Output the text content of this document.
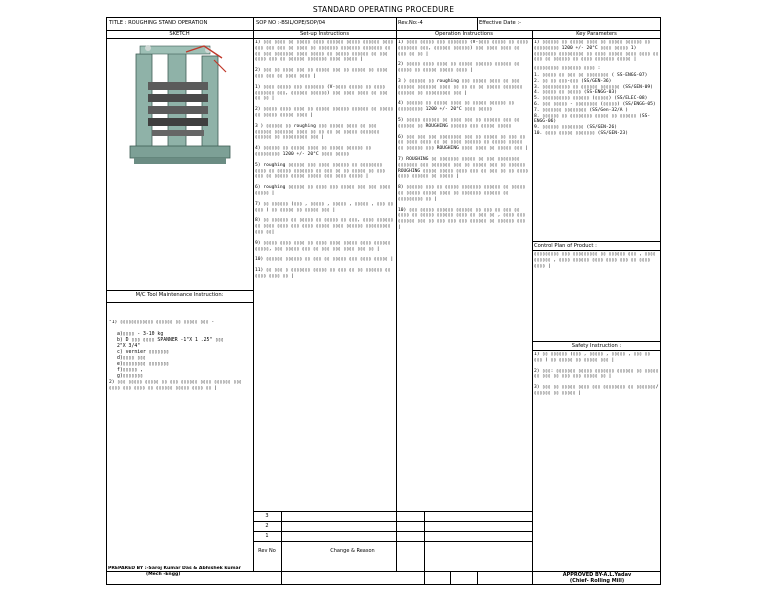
STANDARD OPERATING PROCEDURE
TITLE : ROUGHING STAND OPERATION	SOP NO :-BSIL/OPE/SOP/04	Rev.No:-4	Effective Date :-
SKETCH	Set-up Instructions	Operation Instructions	Key Parameters
M/C Tool Maintenance Instruction:
"1) ▯▯▯▯▯▯▯▯▯▯▯▯ ▯▯▯▯▯▯ ▯▯ ▯▯▯▯▯ ▯▯▯ -
a)▯▯▯▯ - 3-10 kg
b) D ▯▯▯ ▯▯▯▯ SPANNER -1"X 1 .25" ▯▯▯
2"X 3/4"
c) vernier ▯▯▯▯▯▯▯
d)▯▯▯▯ ▯▯▯
e)▯▯▯▯▯▯▯▯ ▯▯▯▯▯▯▯
f)▯▯▯▯▯ ,
g)▯▯▯▯▯▯▯
2) ▯▯▯ ▯▯▯▯▯ ▯▯▯▯▯ ▯▯ ▯▯▯ ▯▯▯▯▯▯ ▯▯▯▯ ▯▯▯▯▯▯ ▯▯▯ ▯▯▯▯ ▯▯▯ ▯▯▯▯ ▯▯ ▯▯▯▯▯▯ ▯▯▯▯▯ ▯▯▯▯ ▯▯ |

1) ▯▯▯ ▯▯▯▯ ▯▯ ▯▯▯▯▯ ▯▯▯▯ ▯▯▯▯▯▯ ▯▯▯▯▯ ▯▯▯▯▯▯ ▯▯▯▯ ▯▯▯ ▯▯▯ ▯▯▯ ▯▯ ▯▯▯▯ ▯▯ ▯▯▯▯▯▯▯ ▯▯▯▯▯▯▯ ▯▯▯▯▯▯▯ ▯▯ ▯▯ ▯▯▯ ▯▯▯▯▯▯▯ ▯▯▯▯ ▯▯▯▯▯ ▯▯ ▯▯▯▯▯ ▯▯▯▯▯▯ ▯▯ ▯▯▯ ▯▯▯▯ ▯▯▯ ▯▯ ▯▯▯▯▯▯ ▯▯▯▯▯▯▯ ▯▯▯▯ ▯▯▯▯▯ |

2) ▯▯▯ ▯▯ ▯▯▯▯ ▯▯▯ ▯▯ ▯▯▯▯▯ ▯▯▯ ▯▯ ▯▯▯▯▯ ▯▯ ▯▯▯▯ ▯▯▯ ▯▯▯ ▯▯ ▯▯▯▯ ▯▯▯▯ |

1) ▯▯▯▯ ▯▯▯▯▯ ▯▯▯ ▯▯▯▯▯▯▯ (V-▯▯▯▯ ▯▯▯▯▯ ▯▯ ▯▯▯▯ ▯▯▯▯▯▯▯ ▯▯▯, ▯▯▯▯▯▯ ▯▯▯▯▯▯) ▯▯▯ ▯▯▯▯ ▯▯▯▯ ▯▯ ▯▯▯ ▯▯ ▯▯ |

2) ▯▯▯▯▯ ▯▯▯▯ ▯▯▯▯ ▯▯ ▯▯▯▯▯ ▯▯▯▯▯▯ ▯▯▯▯▯▯ ▯▯ ▯▯▯▯▯ ▯▯ ▯▯▯▯▯ ▯▯▯▯▯ ▯▯▯▯ |

3 ) ▯▯▯▯▯▯ ▯▯ roughing ▯▯▯ ▯▯▯▯▯ ▯▯▯▯ ▯▯ ▯▯▯ ▯▯▯▯▯▯ ▯▯▯▯▯▯▯ ▯▯▯▯ ▯▯ ▯▯ ▯▯ ▯▯ ▯▯▯▯▯ ▯▯▯▯▯▯▯ ▯▯▯▯▯▯ ▯▯ ▯▯▯▯▯▯▯▯▯ ▯▯▯ |

4) ▯▯▯▯▯▯ ▯▯ ▯▯▯▯▯ ▯▯▯▯ ▯▯ ▯▯▯▯▯ ▯▯▯▯▯▯ ▯▯ ▯▯▯▯▯▯▯▯▯ 1200 +/- 20°C ▯▯▯▯ ▯▯▯▯▯

5) roughing ▯▯▯▯▯▯ ▯▯▯ ▯▯▯▯ ▯▯▯▯▯▯ ▯▯ ▯▯▯▯▯▯▯▯ ▯▯▯▯ ▯▯ ▯▯▯▯▯ ▯▯▯▯▯▯▯ ▯▯ ▯▯▯ ▯▯ ▯▯ ▯▯▯▯▯ ▯▯ ▯▯▯ ▯▯▯ ▯▯ ▯▯▯▯▯ ▯▯▯▯▯ ▯▯▯▯▯ ▯▯▯ ▯▯▯▯ ▯▯▯▯▯ |

6) roughing ▯▯▯▯▯▯ ▯▯ ▯▯▯▯ ▯▯▯ ▯▯▯▯▯ ▯▯▯ ▯▯▯ ▯▯▯▯ ▯▯▯▯▯ |

7) ▯▯ ▯▯▯▯▯▯ (▯▯▯ , ▯▯▯▯▯ , ▯▯▯▯▯ , ▯▯▯▯▯ , ▯▯▯ ▯▯ ▯▯▯ ) ▯▯ ▯▯▯▯▯ ▯▯ ▯▯▯▯▯ ▯▯▯ |

8) ▯▯ ▯▯▯▯▯▯ ▯▯ ▯▯▯▯▯ ▯▯ ▯▯▯▯▯ ▯▯ ▯▯▯, ▯▯▯▯ ▯▯▯▯▯▯ ▯▯ ▯▯▯▯ ▯▯▯▯ ▯▯▯ ▯▯▯▯ ▯▯▯▯▯ ▯▯▯▯ ▯▯▯▯▯▯ ▯▯▯▯▯▯▯▯▯ ▯▯▯ ▯▯|

9) ▯▯▯▯▯ ▯▯▯▯ ▯▯▯▯ ▯▯ ▯▯▯▯ ▯▯▯▯ ▯▯▯▯▯ ▯▯▯▯ ▯▯▯▯▯▯ ▯▯▯▯▯, ▯▯▯ ▯▯▯▯▯ ▯▯▯ ▯▯ ▯▯▯ ▯▯▯ ▯▯▯▯ ▯▯▯ ▯▯ |

10) ▯▯▯▯▯▯ ▯▯▯▯▯▯ ▯▯ ▯▯▯ ▯▯ ▯▯▯▯▯ ▯▯▯ ▯▯▯▯ ▯▯▯▯▯ |

11) ▯▯ ▯▯▯ ▯ ▯▯▯▯▯▯▯ ▯▯▯▯▯ ▯▯ ▯▯▯ ▯▯ ▯▯ ▯▯▯▯▯▯ ▯▯ ▯▯▯▯ ▯▯▯▯ ▯▯ |

1) ▯▯▯▯ ▯▯▯▯▯ ▯▯▯ ▯▯▯▯▯▯▯ (V-▯▯▯▯ ▯▯▯▯▯ ▯▯ ▯▯▯▯ ▯▯▯▯▯▯▯ ▯▯▯, ▯▯▯▯▯▯ ▯▯▯▯▯▯) ▯▯▯ ▯▯▯▯ ▯▯▯▯ ▯▯ ▯▯▯ ▯▯ ▯▯ |

2) ▯▯▯▯▯ ▯▯▯▯ ▯▯▯▯ ▯▯ ▯▯▯▯▯ ▯▯▯▯▯▯ ▯▯▯▯▯▯ ▯▯ ▯▯▯▯▯ ▯▯ ▯▯▯▯▯ ▯▯▯▯▯ ▯▯▯▯ |

3 ) ▯▯▯▯▯▯ ▯▯ roughing ▯▯▯ ▯▯▯▯▯ ▯▯▯▯ ▯▯ ▯▯▯ ▯▯▯▯▯▯ ▯▯▯▯▯▯▯ ▯▯▯▯ ▯▯ ▯▯ ▯▯ ▯▯ ▯▯▯▯▯ ▯▯▯▯▯▯▯ ▯▯▯▯▯▯ ▯▯ ▯▯▯▯▯▯▯▯▯ ▯▯▯ |

4) ▯▯▯▯▯▯ ▯▯ ▯▯▯▯▯ ▯▯▯▯ ▯▯ ▯▯▯▯▯ ▯▯▯▯▯▯ ▯▯ ▯▯▯▯▯▯▯▯▯ 1200 +/- 20°C ▯▯▯▯ ▯▯▯▯▯

5) ▯▯▯▯▯ ▯▯▯▯▯▯ ▯▯ ▯▯▯▯ ▯▯▯ ▯▯ ▯▯▯▯▯▯ ▯▯▯ ▯▯ ▯▯▯▯▯▯ ▯▯ ROUGHING ▯▯▯▯▯▯ ▯▯▯ ▯▯▯▯▯ ▯▯▯▯▯

6) ▯▯▯ ▯▯▯ ▯▯▯ ▯▯▯▯▯▯▯▯ ▯▯▯ ▯▯ ▯▯▯▯▯ ▯▯ ▯▯▯ ▯▯ ▯▯ ▯▯▯▯ ▯▯▯▯ ▯▯ ▯▯ ▯▯▯▯ ▯▯▯▯▯▯ ▯▯ ▯▯▯▯▯ ▯▯▯▯▯ ▯▯ ▯▯▯▯▯▯ ▯▯▯ ROUGHING ▯▯▯▯ ▯▯▯▯ ▯▯ ▯▯▯▯▯ ▯▯▯ |

7) ROUGHING ▯▯ ▯▯▯▯▯▯▯ ▯▯▯▯▯ ▯▯ ▯▯▯ ▯▯▯▯▯▯▯▯ ▯▯▯▯▯▯▯ ▯▯▯ ▯▯▯▯▯▯▯ ▯▯▯ ▯▯ ▯▯▯▯▯ ▯▯▯ ▯▯ ▯▯▯▯▯▯ ROUGHING ▯▯▯▯▯ ▯▯▯▯▯ ▯▯▯▯ ▯▯▯ ▯▯ ▯▯▯ ▯▯ ▯▯ ▯▯▯▯ ▯▯▯▯ ▯▯▯▯▯▯ ▯▯ ▯▯▯▯▯ |

8) ▯▯▯▯▯▯ ▯▯▯ ▯▯ ▯▯▯▯▯ ▯▯▯▯▯▯▯ ▯▯▯▯▯▯ ▯▯ ▯▯▯▯▯ ▯▯ ▯▯▯▯▯ ▯▯▯▯▯ ▯▯▯▯ ▯▯ ▯▯▯▯▯▯▯ ▯▯▯▯▯▯ ▯▯ ▯▯▯▯▯▯▯▯▯ ▯▯ |

10) ▯▯▯ ▯▯▯▯▯ ▯▯▯▯▯▯ ▯▯▯▯▯▯ ▯▯ ▯▯▯ ▯▯ ▯▯▯ ▯▯ ▯▯▯▯ ▯▯ ▯▯▯▯▯ ▯▯▯▯▯▯ ▯▯▯▯ ▯▯ ▯▯▯ ▯▯ , ▯▯▯▯ ▯▯▯ ▯▯▯▯▯▯ ▯▯▯ ▯▯ ▯▯▯ ▯▯▯ ▯▯▯ ▯▯▯▯▯▯ ▯▯ ▯▯▯▯▯▯ ▯▯▯ |

1) ▯▯▯▯▯▯ ▯▯ ▯▯▯▯▯ ▯▯▯▯ ▯▯ ▯▯▯▯▯ ▯▯▯▯▯▯ ▯▯ ▯▯▯▯▯▯▯▯▯ 1200 +/- 20°C ▯▯▯▯ ▯▯▯▯▯ 1) ▯▯▯▯▯▯▯▯ ▯▯▯▯▯▯▯▯▯ ▯▯ ▯▯▯▯ ▯▯▯▯▯ ▯▯▯▯ ▯▯▯▯ ▯▯ ▯▯▯ ▯▯ ▯▯▯▯▯▯ ▯▯ ▯▯▯▯ ▯▯▯▯▯▯▯ ▯▯▯▯▯ |

▯▯▯▯▯▯▯▯▯ ▯▯▯▯▯▯▯ ▯▯▯▯ :

1. ▯▯▯▯▯ ▯▯ ▯▯▯ ▯▯ ▯▯▯▯▯▯▯▯ ( SS-ENGG-07)
2. ▯▯ ▯▯ ▯▯▯-▯▯▯ (SS/GEN-36)
3. ▯▯▯▯▯▯▯▯▯▯ ▯▯ ▯▯▯▯▯▯ ▯▯▯▯▯▯▯ (SS/GEN-09)
4. ▯▯▯▯▯ ▯▯ ▯▯▯▯▯ (SS-ENGG-03)
5. ▯▯▯▯▯▯▯▯▯▯ ▯▯▯▯▯▯ (▯▯▯▯▯) (SS/ELEC-08)
6. ▯▯▯ ▯▯▯▯▯ - ▯▯▯▯▯▯▯▯ (▯▯▯▯▯) (SS/ENGG-05)
7. ▯▯▯▯▯▯▯ ▯▯▯▯▯▯▯▯ (SS/Gen-32/A )
8. ▯▯▯▯▯▯ ▯▯ ▯▯▯▯▯▯▯▯ ▯▯▯▯▯ ▯▯ ▯▯▯▯▯▯ (SS-ENGG-06)
9. ▯▯▯▯▯▯ ▯▯▯▯▯▯▯▯ (SS/GEN-26)
10. ▯▯▯▯ ▯▯▯▯▯ ▯▯▯▯▯▯▯ (SS/GEN-23)
Control Plan of Product :

▯▯▯▯▯▯▯▯▯ ▯▯▯ ▯▯▯▯▯▯▯▯▯ ▯▯ ▯▯▯▯▯▯ ▯▯▯ , ▯▯▯▯ ▯▯▯▯▯▯ , ▯▯▯▯ ▯▯▯▯▯▯ ▯▯▯▯ ▯▯▯▯ ▯▯▯ ▯▯ ▯▯▯▯ ▯▯▯▯ |

Safety Instruction :

1) ▯▯ ▯▯▯▯▯▯ (▯▯▯ , ▯▯▯▯▯ , ▯▯▯▯▯ , ▯▯▯ ▯▯ ▯▯▯ ) ▯▯ ▯▯▯▯▯ ▯▯ ▯▯▯▯▯ ▯▯▯ |

2) ▯▯▯: ▯▯▯▯▯▯▯ ▯▯▯▯▯ ▯▯▯▯▯▯▯ ▯▯▯▯▯▯ ▯▯ ▯▯▯▯▯ ▯▯ ▯▯▯ ▯▯ ▯▯▯ ▯▯▯ ▯▯▯▯▯ ▯▯ |

3) ▯▯▯ ▯▯ ▯▯▯▯▯ ▯▯▯▯ ▯▯▯ ▯▯▯▯▯▯▯▯ ▯▯ ▯▯▯▯▯▯▯/▯▯▯▯▯▯ ▯▯ ▯▯▯▯▯ |

3
2
1
Rev No	Change & Reason
PREPARED BY :-Saroj Kumar Das & Abhishek kumar
(Mech -Engg)	APPROVED BY-A.L.Yadav
(Chief- Rolling Mill)
